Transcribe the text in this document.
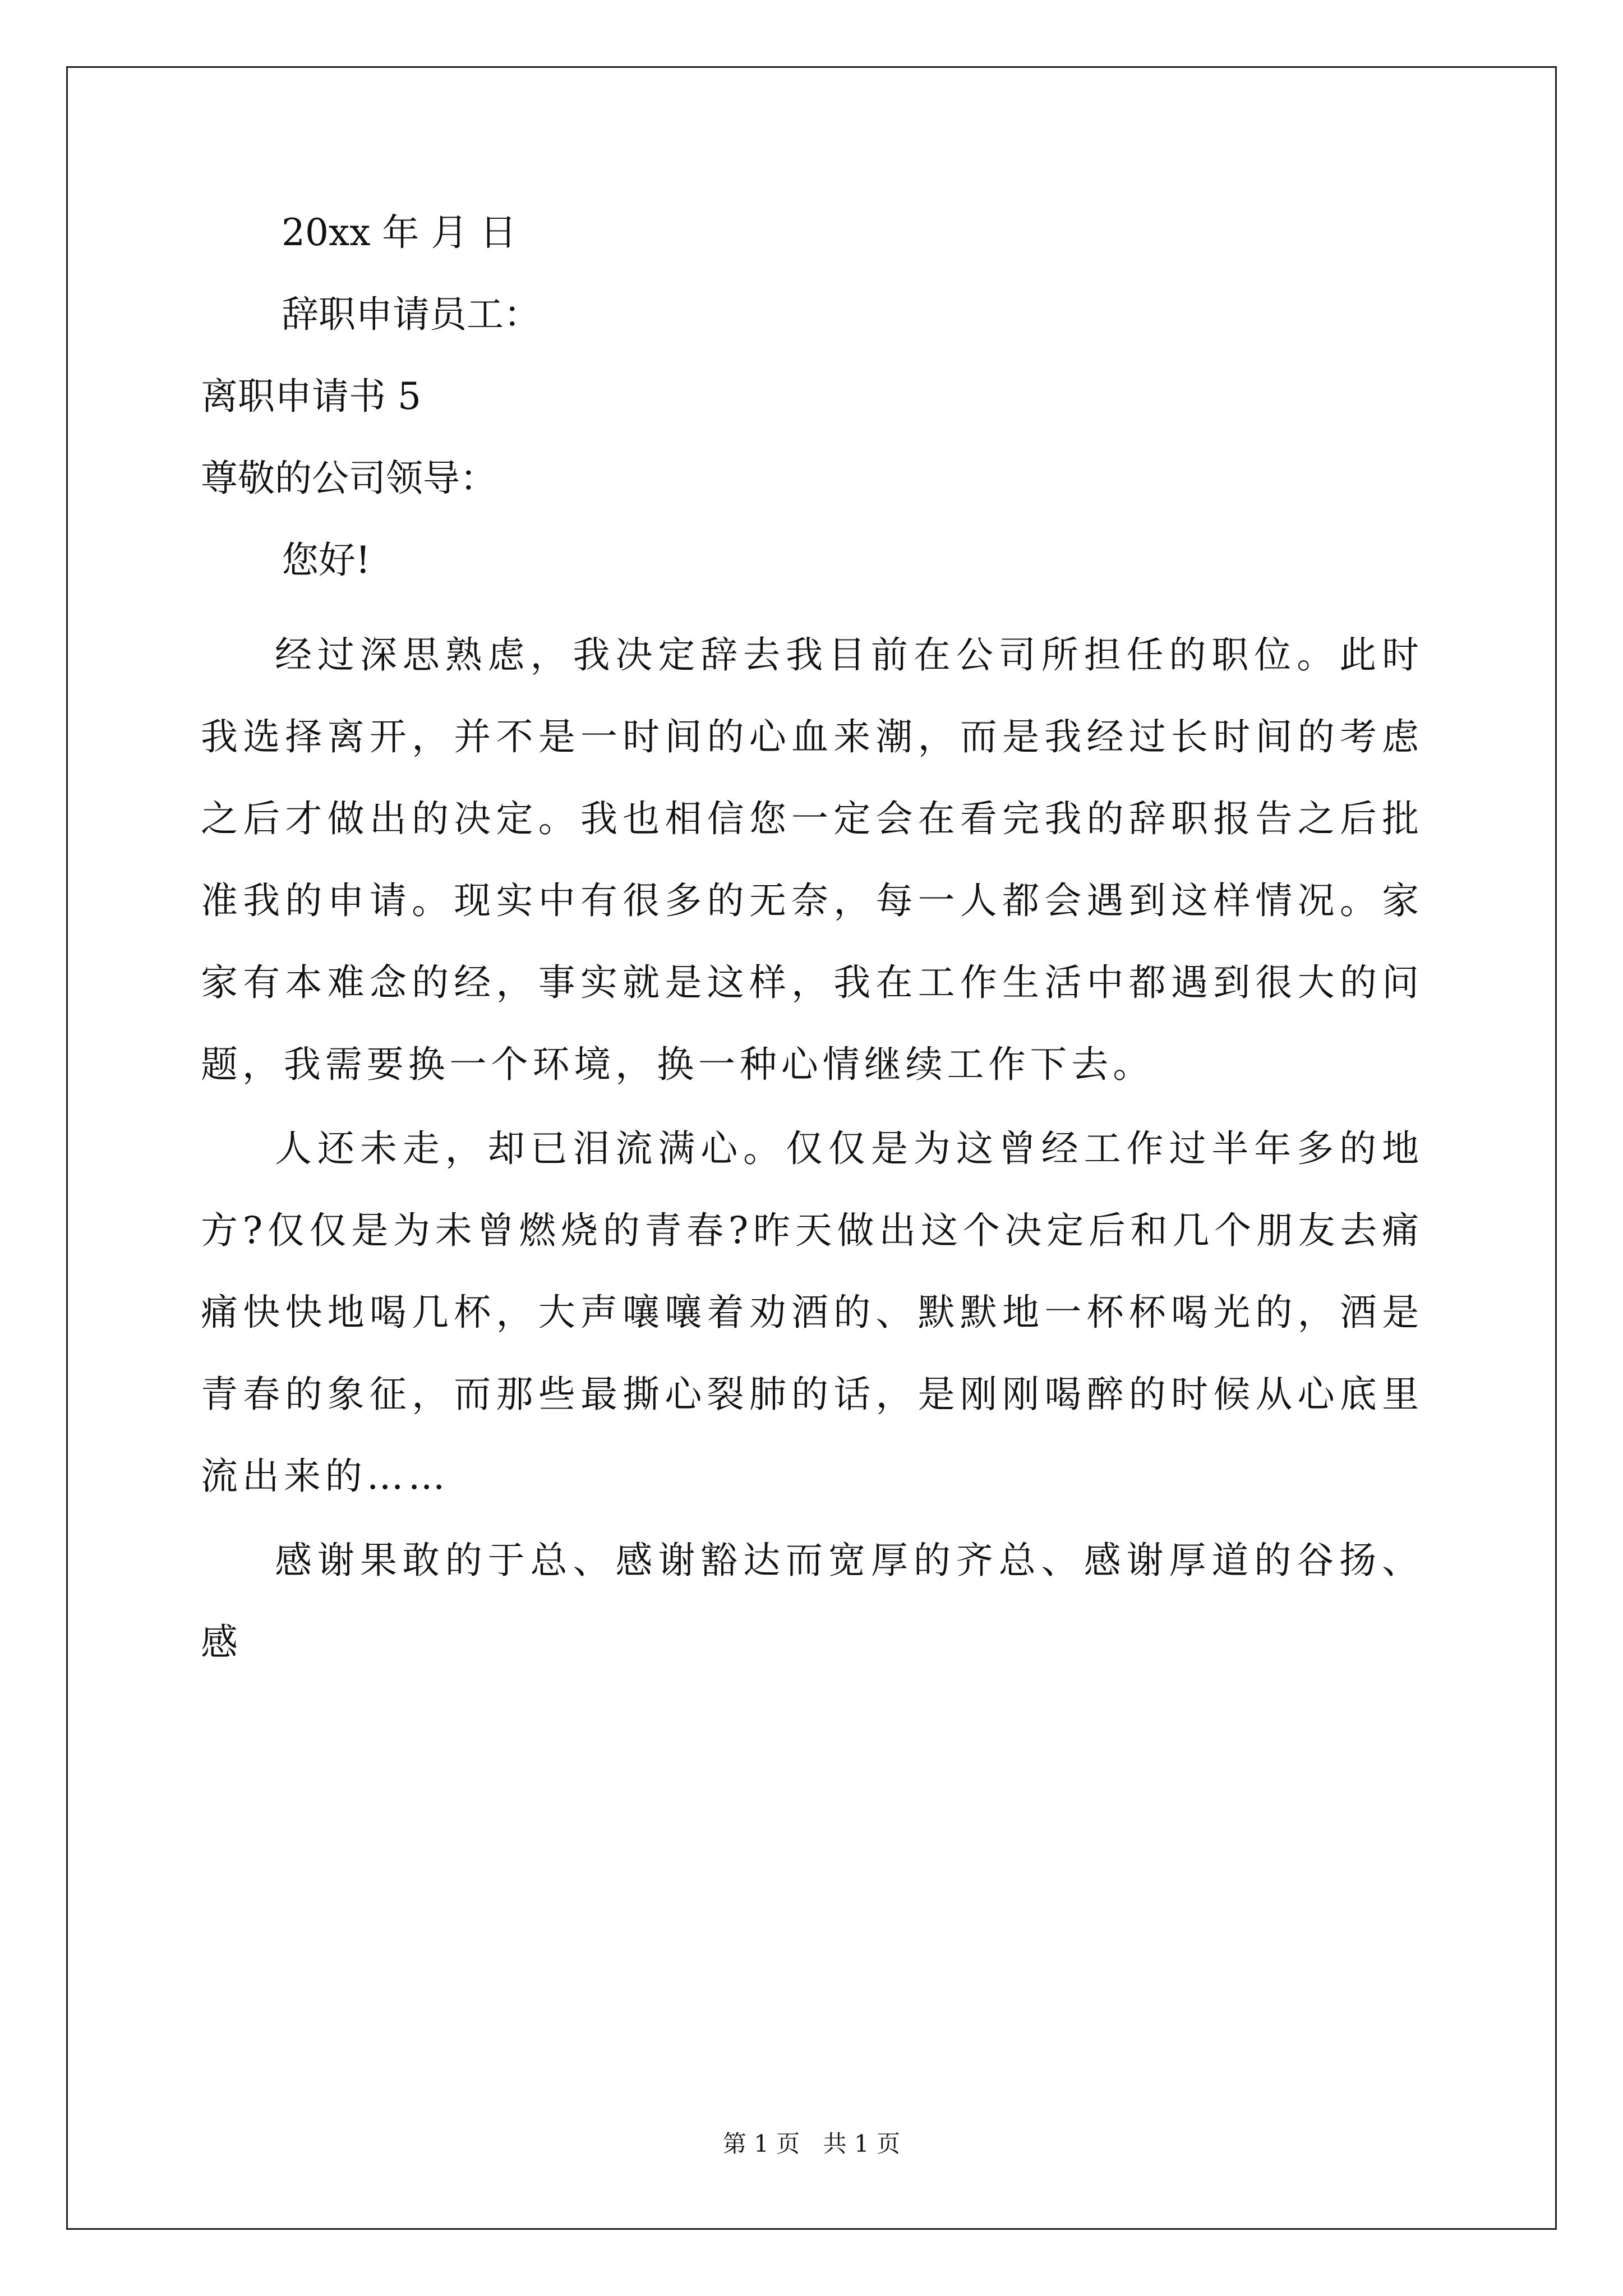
20xx 年 月 日

辞职申请员工：

离职申请书 5

尊敬的公司领导：

您好!

经过深思熟虑，我决定辞去我目前在公司所担任的职位。此时我选择离开，并不是一时间的心血来潮，而是我经过长时间的考虑之后才做出的决定。我也相信您一定会在看完我的辞职报告之后批准我的申请。现实中有很多的无奈，每一人都会遇到这样情况。家家有本难念的经，事实就是这样，我在工作生活中都遇到很大的问题，我需要换一个环境，换一种心情继续工作下去。

人还未走，却已泪流满心。仅仅是为这曾经工作过半年多的地方?仅仅是为未曾燃烧的青春?昨天做出这个决定后和几个朋友去痛痛快快地喝几杯，大声嚷嚷着劝酒的、默默地一杯杯喝光的，酒是青春的象征，而那些最撕心裂肺的话，是刚刚喝醉的时候从心底里流出来的……

感谢果敢的于总、感谢豁达而宽厚的齐总、感谢厚道的谷扬、感

第 1 页 共 1 页
